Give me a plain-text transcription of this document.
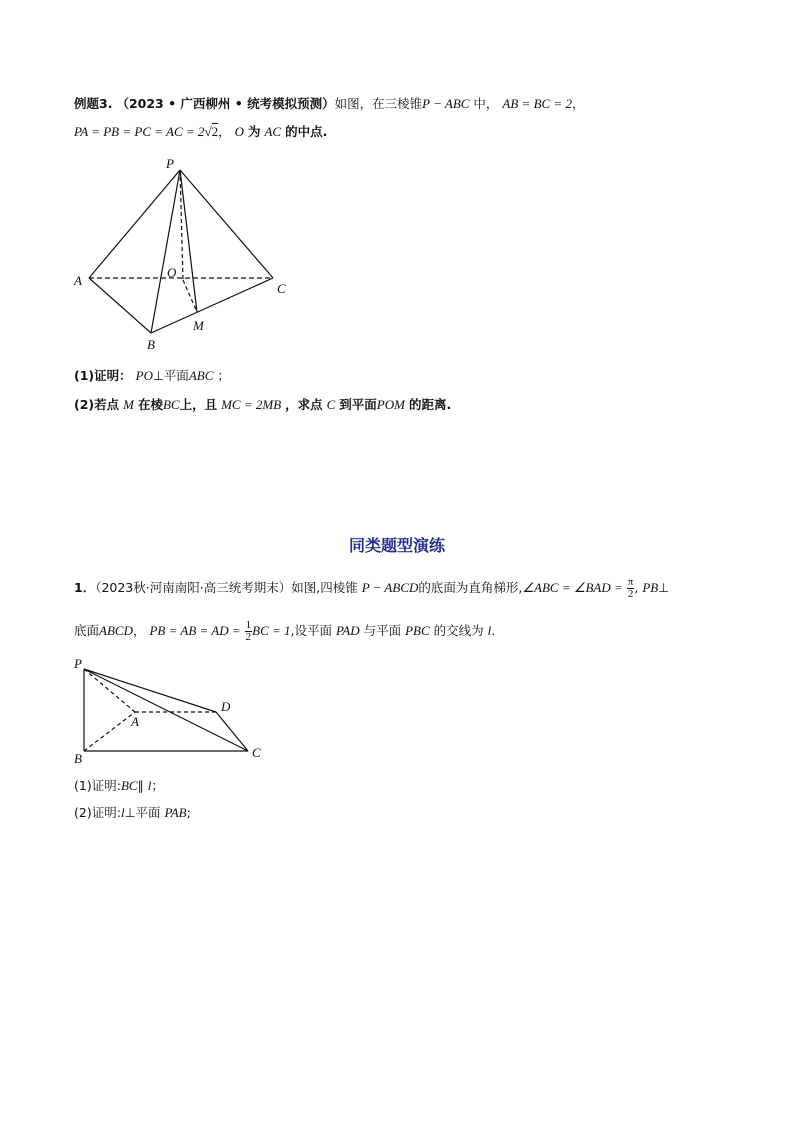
例题3. （2023 • 广西柳州 • 统考模拟预测）如图，在三棱锥P − ABC 中， AB = BC = 2，
PA = PB = PC = AC = 2√2， O 为 AC 的中点.
P
A
O
C
M
B
(1)证明： PO⊥平面ABC ；
(2)若点 M 在棱BC上，且 MC = 2MB ，求点 C 到平面POM 的距离.
同类题型演练
1．（2023秋·河南南阳·高三统考期末）如图,四棱锥 P − ABCD的底面为直角梯形,∠ABC = ∠BAD = $\frac{\pi}{2}$ , PB⊥
底面ABCD， PB = AB = AD = $\frac{1}{2}$ BC = 1,设平面 PAD 与平面 PBC 的交线为 l.
P
A
D
B	C
(1)证明:BC∥ l；
(2)证明:l⊥平面 PAB;
